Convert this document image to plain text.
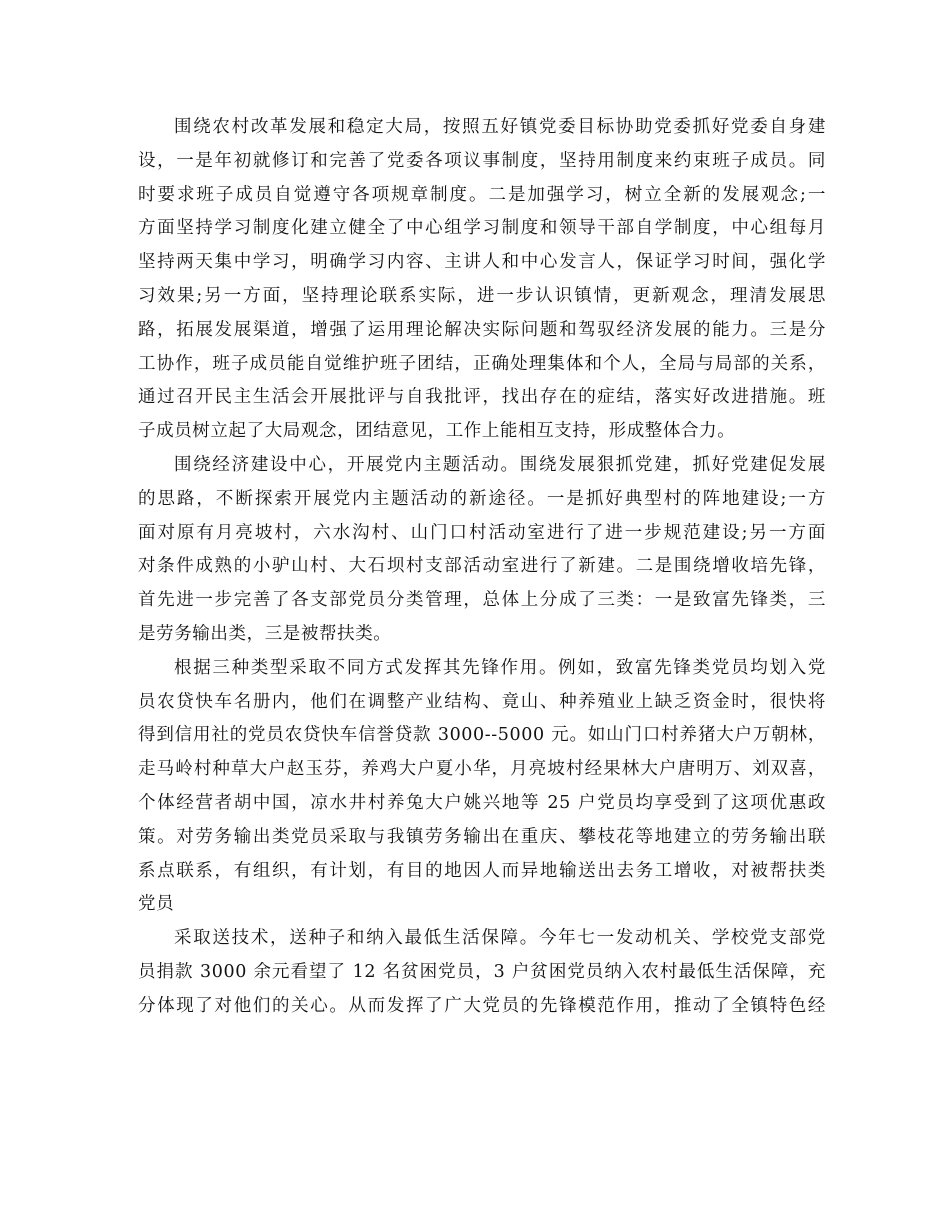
围绕农村改革发展和稳定大局，按照五好镇党委目标协助党委抓好党委自身建
设，一是年初就修订和完善了党委各项议事制度，坚持用制度来约束班子成员。同
时要求班子成员自觉遵守各项规章制度。二是加强学习，树立全新的发展观念;一
方面坚持学习制度化建立健全了中心组学习制度和领导干部自学制度，中心组每月
坚持两天集中学习，明确学习内容、主讲人和中心发言人，保证学习时间，强化学
习效果;另一方面，坚持理论联系实际，进一步认识镇情，更新观念，理清发展思
路，拓展发展渠道，增强了运用理论解决实际问题和驾驭经济发展的能力。三是分
工协作，班子成员能自觉维护班子团结，正确处理集体和个人，全局与局部的关系，
通过召开民主生活会开展批评与自我批评，找出存在的症结，落实好改进措施。班
子成员树立起了大局观念，团结意见，工作上能相互支持，形成整体合力。
围绕经济建设中心，开展党内主题活动。围绕发展狠抓党建，抓好党建促发展
的思路，不断探索开展党内主题活动的新途径。一是抓好典型村的阵地建设;一方
面对原有月亮坡村，六水沟村、山门口村活动室进行了进一步规范建设;另一方面
对条件成熟的小驴山村、大石坝村支部活动室进行了新建。二是围绕增收培先锋，
首先进一步完善了各支部党员分类管理，总体上分成了三类：一是致富先锋类，三
是劳务输出类，三是被帮扶类。
根据三种类型采取不同方式发挥其先锋作用。例如，致富先锋类党员均划入党
员农贷快车名册内，他们在调整产业结构、竟山、种养殖业上缺乏资金时，很快将
得到信用社的党员农贷快车信誉贷款 3000--5000 元。如山门口村养猪大户万朝林，
走马岭村种草大户赵玉芬，养鸡大户夏小华，月亮坡村经果林大户唐明万、刘双喜，
个体经营者胡中国，凉水井村养兔大户姚兴地等 25 户党员均享受到了这项优惠政
策。对劳务输出类党员采取与我镇劳务输出在重庆、攀枝花等地建立的劳务输出联
系点联系，有组织，有计划，有目的地因人而异地输送出去务工增收，对被帮扶类
党员
采取送技术，送种子和纳入最低生活保障。今年七一发动机关、学校党支部党
员捐款 3000 余元看望了 12 名贫困党员，3 户贫困党员纳入农村最低生活保障，充
分体现了对他们的关心。从而发挥了广大党员的先锋模范作用，推动了全镇特色经
